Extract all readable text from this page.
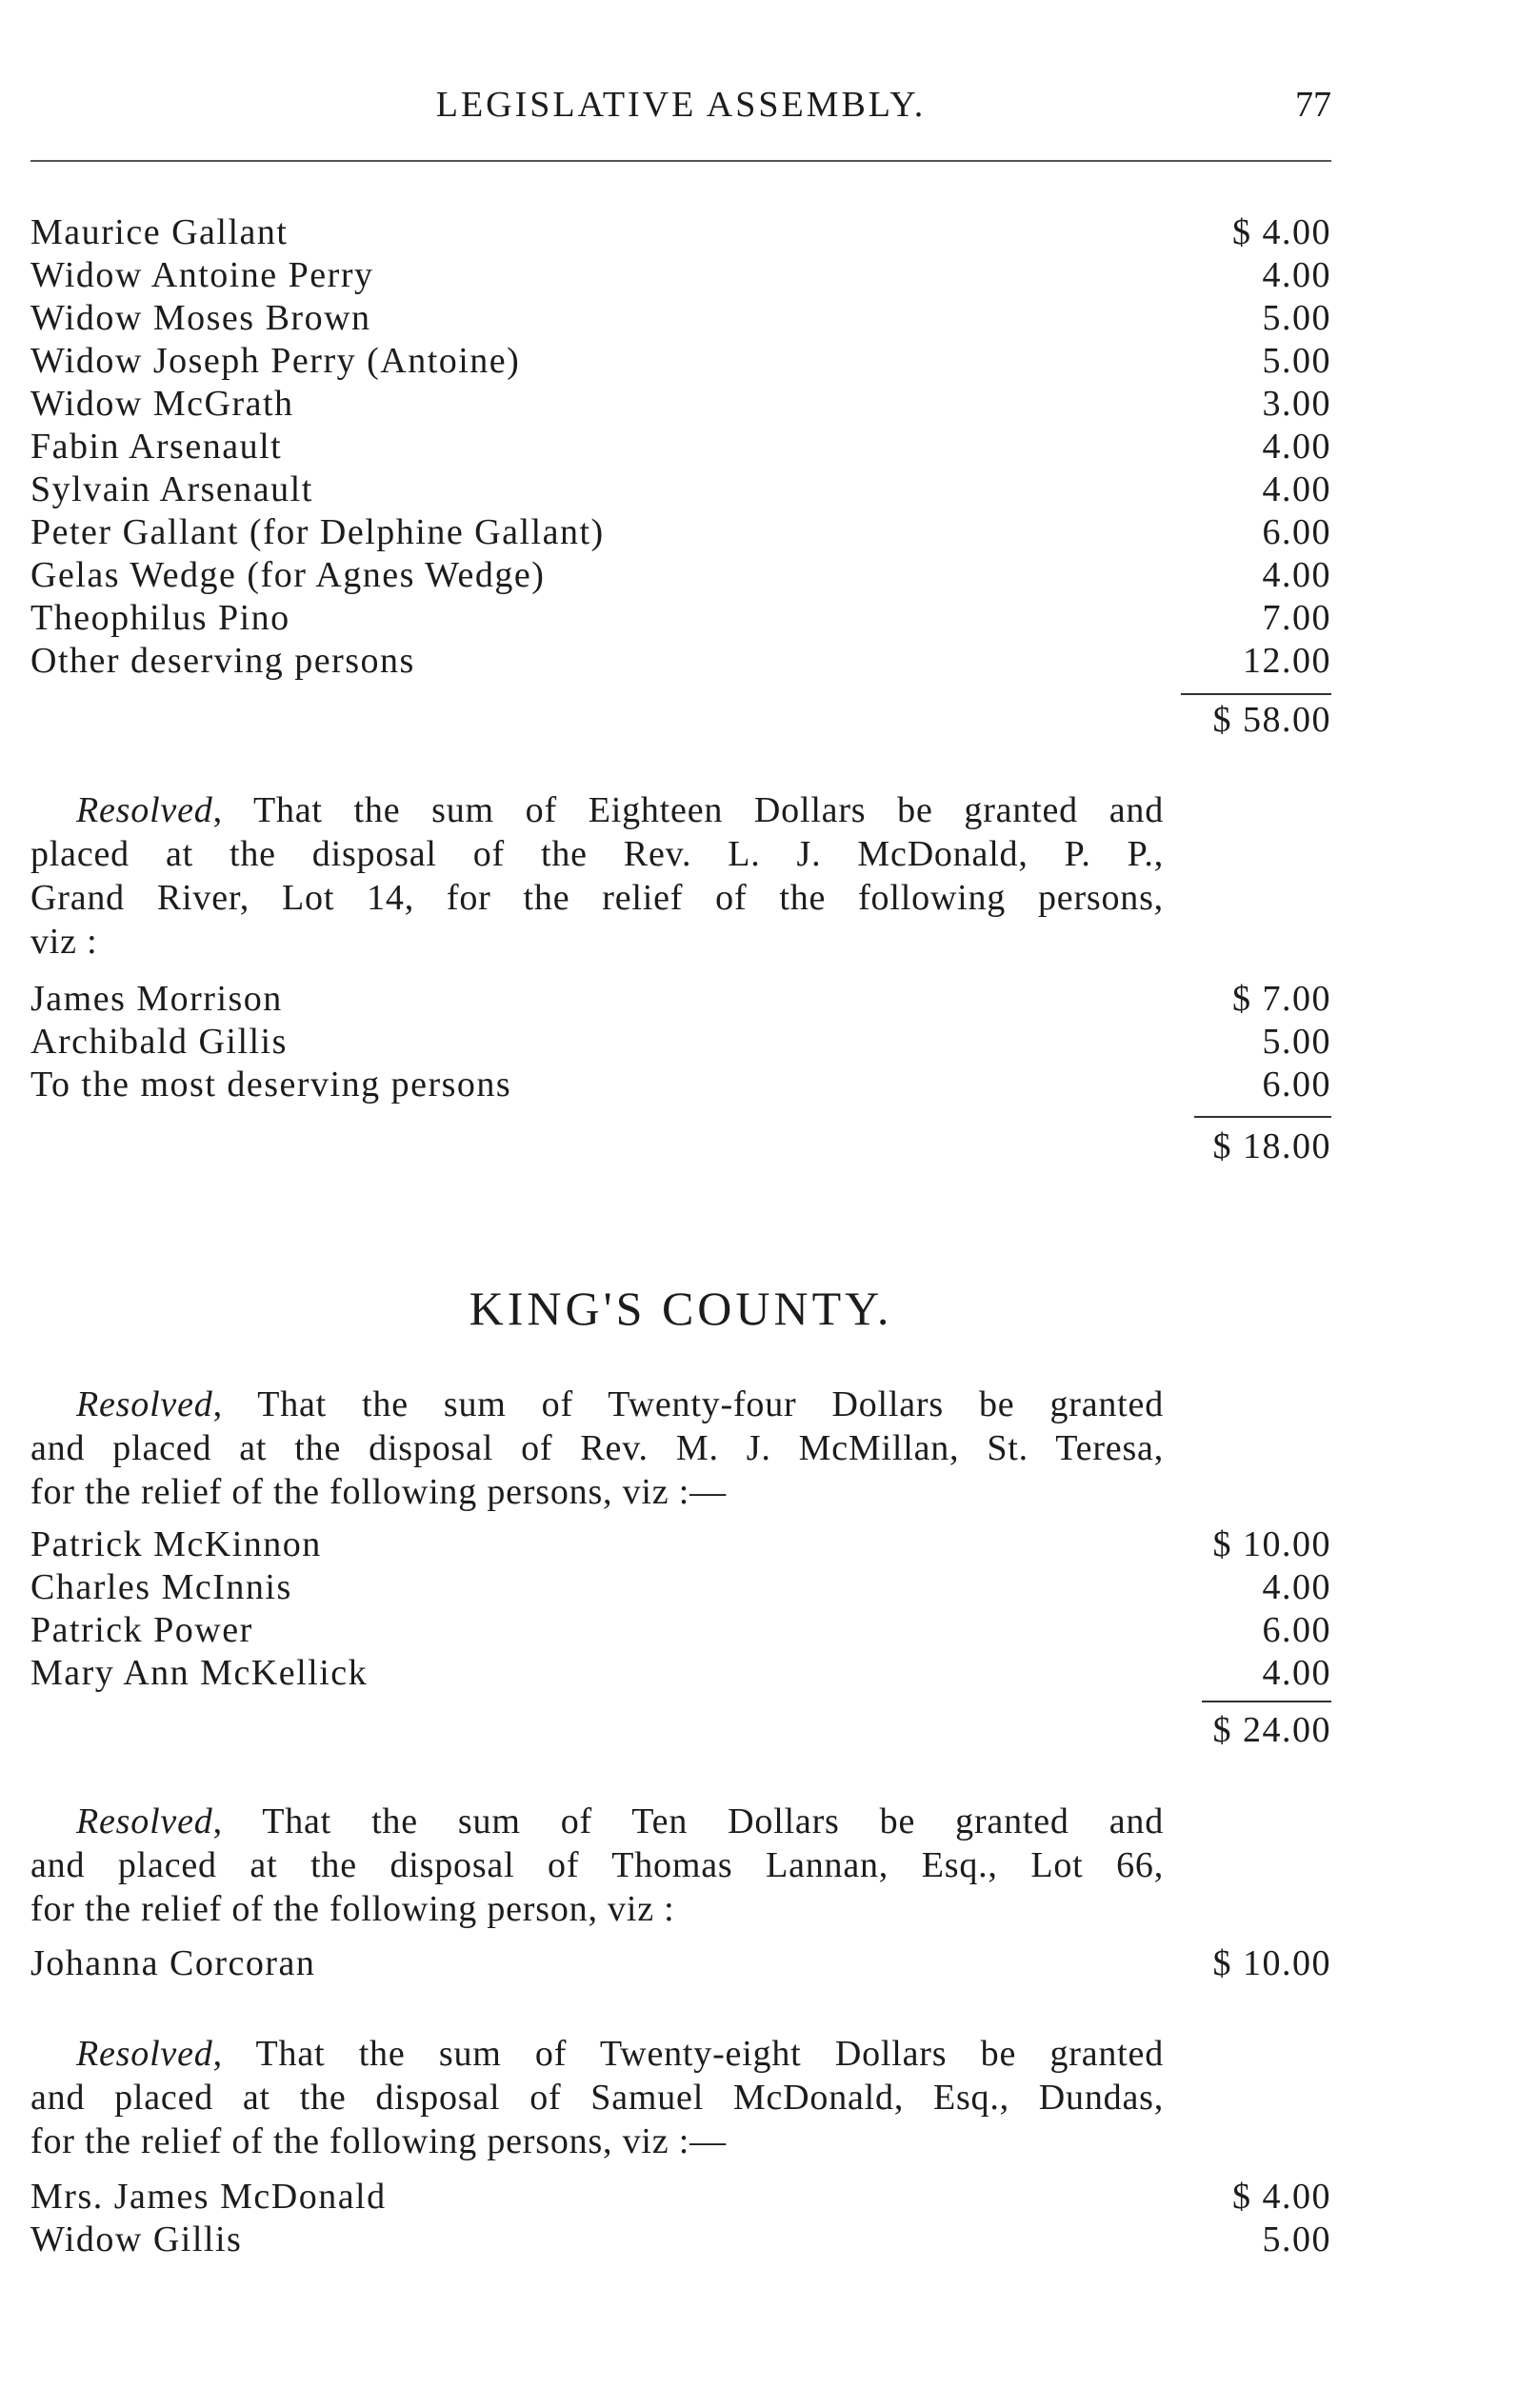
LEGISLATIVE ASSEMBLY.	77
Maurice Gallant	$ 4.00
Widow Antoine Perry	4.00
Widow Moses Brown	5.00
Widow Joseph Perry (Antoine)	5.00
Widow McGrath	3.00
Fabin Arsenault	4.00
Sylvain Arsenault	4.00
Peter Gallant (for Delphine Gallant)	6.00
Gelas Wedge (for Agnes Wedge)	4.00
Theophilus Pino	7.00
Other deserving persons	12.00
$ 58.00
Resolved, That the sum of Eighteen Dollars be granted and
placed at the disposal of the Rev. L. J. McDonald, P. P.,
Grand River, Lot 14, for the relief of the following persons,
viz :
James Morrison	$ 7.00
Archibald Gillis	5.00
To the most deserving persons	6.00
$ 18.00
KING'S COUNTY.
Resolved, That the sum of Twenty-four Dollars be granted
and placed at the disposal of Rev. M. J. McMillan, St. Teresa,
for the relief of the following persons, viz :—
Patrick McKinnon	$ 10.00
Charles McInnis	4.00
Patrick Power	6.00
Mary Ann McKellick	4.00
$ 24.00
Resolved, That the sum of Ten Dollars be granted and
and placed at the disposal of Thomas Lannan, Esq., Lot 66,
for the relief of the following person, viz :
Johanna Corcoran	$ 10.00
Resolved, That the sum of Twenty-eight Dollars be granted
and placed at the disposal of Samuel McDonald, Esq., Dundas,
for the relief of the following persons, viz :—
Mrs. James McDonald	$ 4.00
Widow Gillis	5.00
